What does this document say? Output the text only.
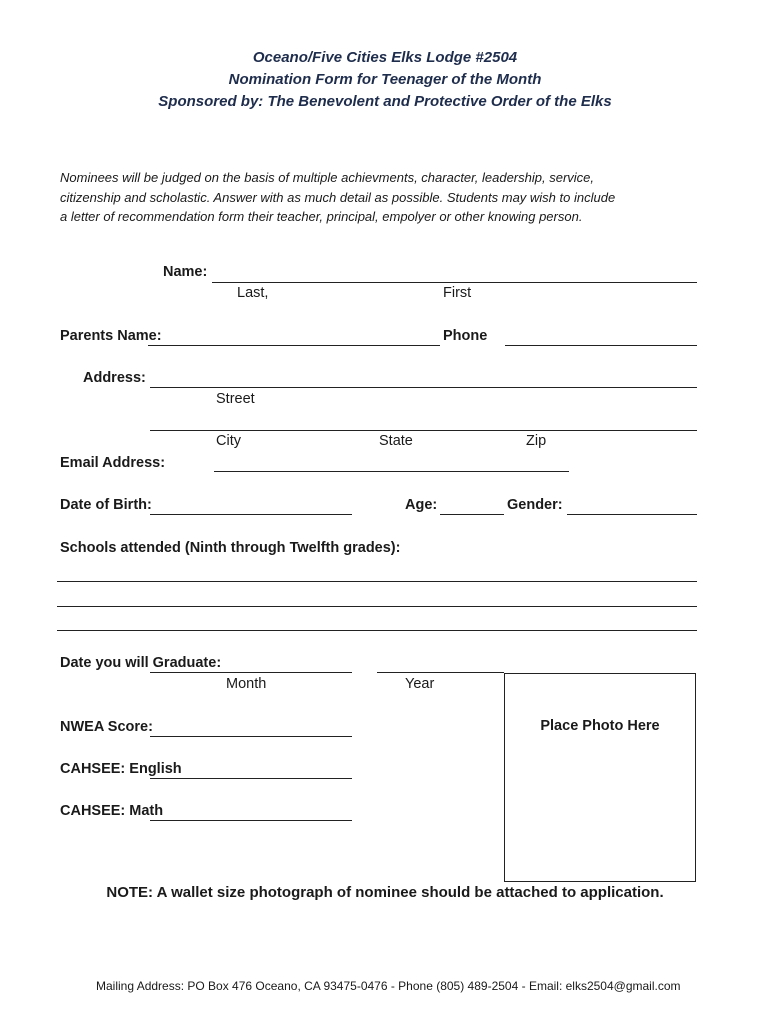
Oceano/Five Cities Elks Lodge #2504
Nomination Form for Teenager of the Month
Sponsored by: The Benevolent and Protective Order of the Elks
Nominees will be judged on the basis of multiple achievments, character, leadership, service,
citizenship and scholastic. Answer with as much detail as possible. Students may wish to include
a letter of recommendation form their teacher, principal, empolyer or other knowing person.
Name:
Last,	First
Parents Name:	Phone
Address:
Street
City	State	Zip
Email Address:
Date of Birth:	Age:	Gender:
Schools attended (Ninth through Twelfth grades):
Date you will Graduate:
Month	Year
NWEA Score:
CAHSEE: English
CAHSEE: Math
Place Photo Here
NOTE: A wallet size photograph of nominee should be attached to application.
Mailing Address: PO Box 476 Oceano, CA 93475-0476 - Phone (805) 489-2504 - Email: elks2504@gmail.com
